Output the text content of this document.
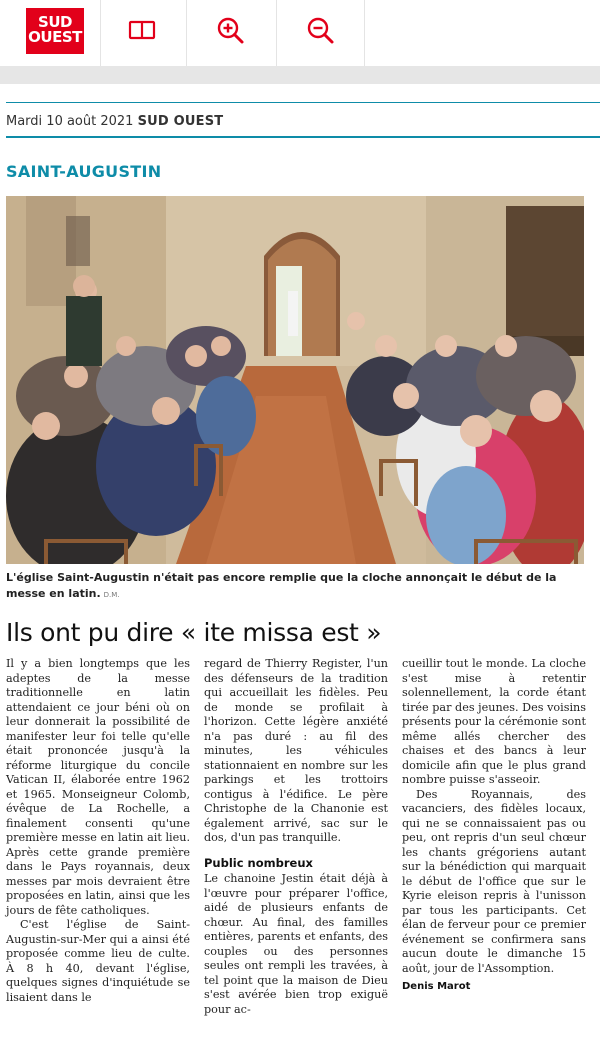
SUD
OUEST
Mardi 10 août 2021 SUD OUEST
SAINT-AUGUSTIN
L'église Saint-Augustin n'était pas encore remplie que la cloche annonçait le début de la messe en latin. D.M.
Ils ont pu dire « ite missa est »

Il y a bien longtemps que les adeptes de la messe traditionnelle en latin attendaient ce jour béni où on leur donnerait la possibilité de manifester leur foi telle qu'elle était prononcée jusqu'à la réforme liturgique du concile Vatican II, élaborée entre 1962 et 1965. Monseigneur Colomb, évêque de La Rochelle, a finalement consenti qu'une première messe en latin ait lieu. Après cette grande première dans le Pays royannais, deux messes par mois devraient être proposées en latin, ainsi que les jours de fête catholiques.

C'est l'église de Saint-Augustin-sur-Mer qui a ainsi été proposée comme lieu de culte. À 8 h 40, devant l'église, quelques signes d'inquiétude se lisaient dans le

regard de Thierry Register, l'un des défenseurs de la tradition qui accueillait les fidèles. Peu de monde se profilait à l'horizon. Cette légère anxiété n'a pas duré : au fil des minutes, les véhicules stationnaient en nombre sur les parkings et les trottoirs contigus à l'édifice. Le père Christophe de la Chanonie est également arrivé, sac sur le dos, d'un pas tranquille.

Public nombreux

Le chanoine Jestin était déjà à l'œuvre pour préparer l'office, aidé de plusieurs enfants de chœur. Au final, des familles entières, parents et enfants, des couples ou des personnes seules ont rempli les travées, à tel point que la maison de Dieu s'est avérée bien trop exiguë pour ac-

cueillir tout le monde. La cloche s'est mise à retentir solennellement, la corde étant tirée par des jeunes. Des voisins présents pour la cérémonie sont même allés chercher des chaises et des bancs à leur domicile afin que le plus grand nombre puisse s'asseoir.

Des Royannais, des vacanciers, des fidèles locaux, qui ne se connaissaient pas ou peu, ont repris d'un seul chœur les chants grégoriens autant sur la bénédiction qui marquait le début de l'office que sur le Kyrie eleison repris à l'unisson par tous les participants. Cet élan de ferveur pour ce premier événement se confirmera sans aucun doute le dimanche 15 août, jour de l'Assomption.

Denis Marot
